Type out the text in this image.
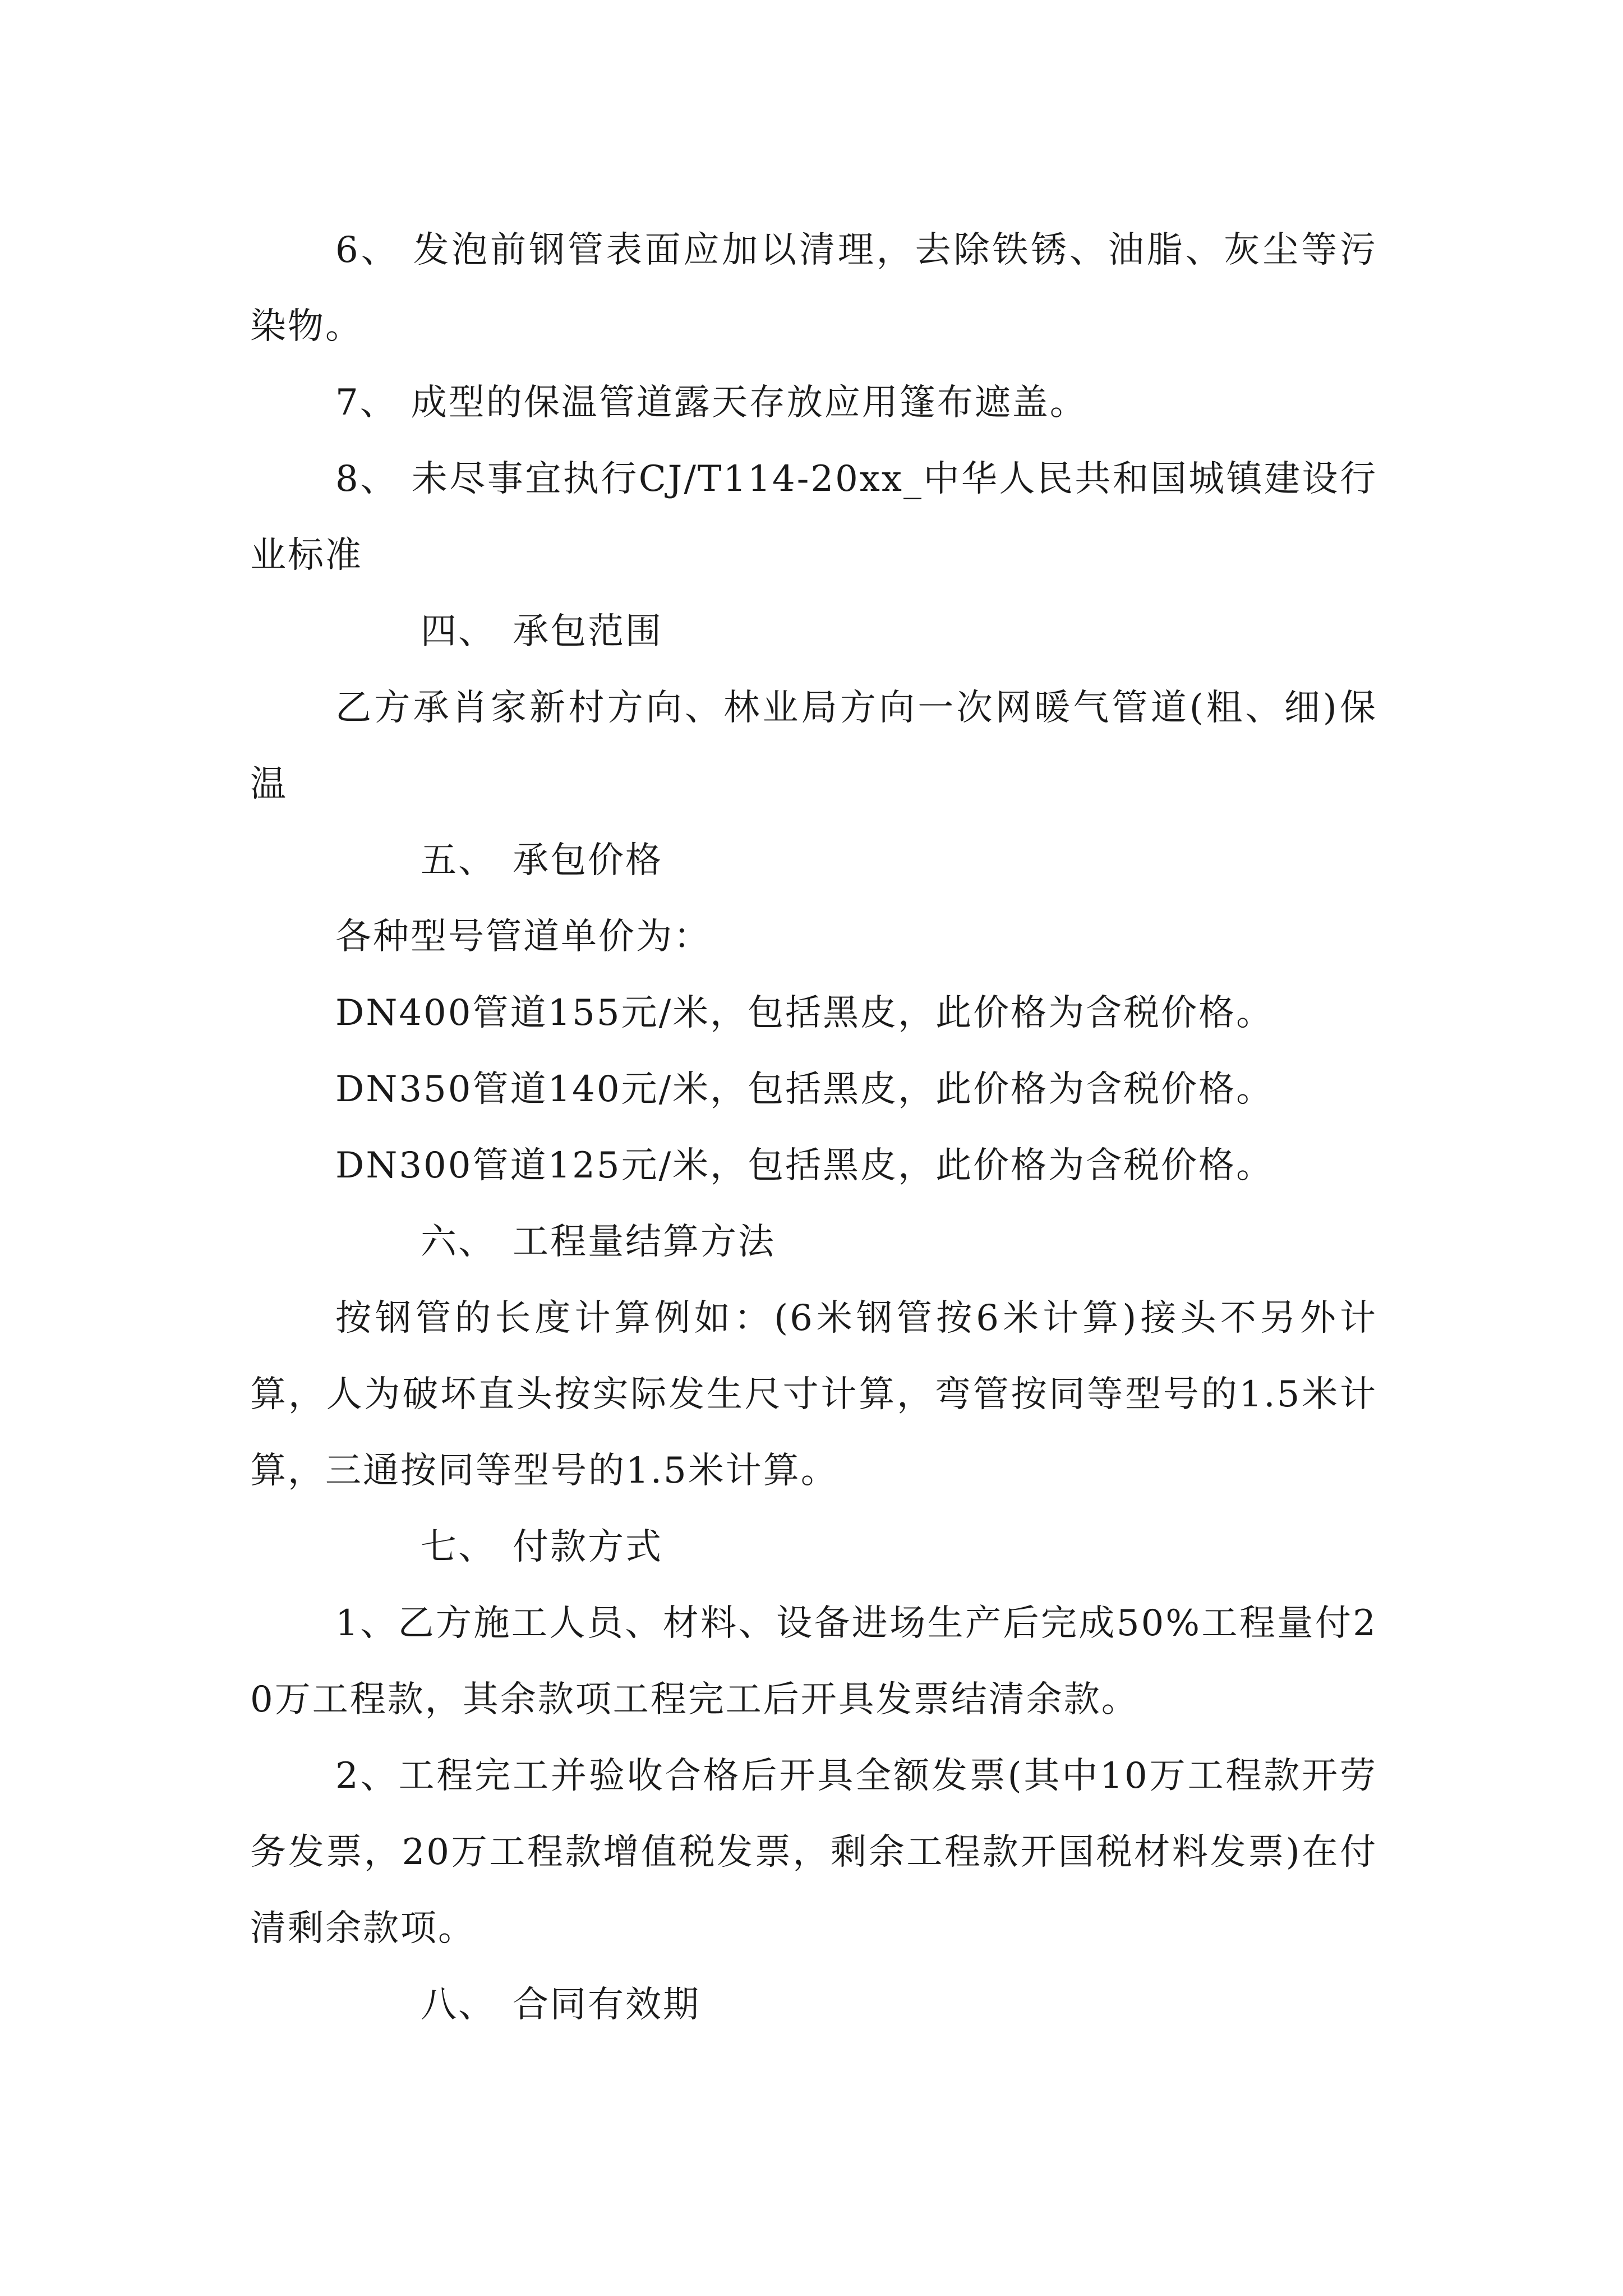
6、 发泡前钢管表面应加以清理，去除铁锈、油脂、灰尘等污染物。

7、 成型的保温管道露天存放应用篷布遮盖。

8、 未尽事宜执行CJ/T114-20xx_中华人民共和国城镇建设行业标准

四、 承包范围

乙方承肖家新村方向、林业局方向一次网暖气管道(粗、细)保温

五、 承包价格

各种型号管道单价为：

DN400管道155元/米，包括黑皮，此价格为含税价格。

DN350管道140元/米，包括黑皮，此价格为含税价格。

DN300管道125元/米，包括黑皮，此价格为含税价格。

六、 工程量结算方法

按钢管的长度计算例如：(6米钢管按6米计算)接头不另外计算，人为破坏直头按实际发生尺寸计算，弯管按同等型号的1.5米计算，三通按同等型号的1.5米计算。

七、 付款方式

1、乙方施工人员、材料、设备进场生产后完成50%工程量付20万工程款，其余款项工程完工后开具发票结清余款。

2、工程完工并验收合格后开具全额发票(其中10万工程款开劳务发票，20万工程款增值税发票，剩余工程款开国税材料发票)在付清剩余款项。

八、 合同有效期
